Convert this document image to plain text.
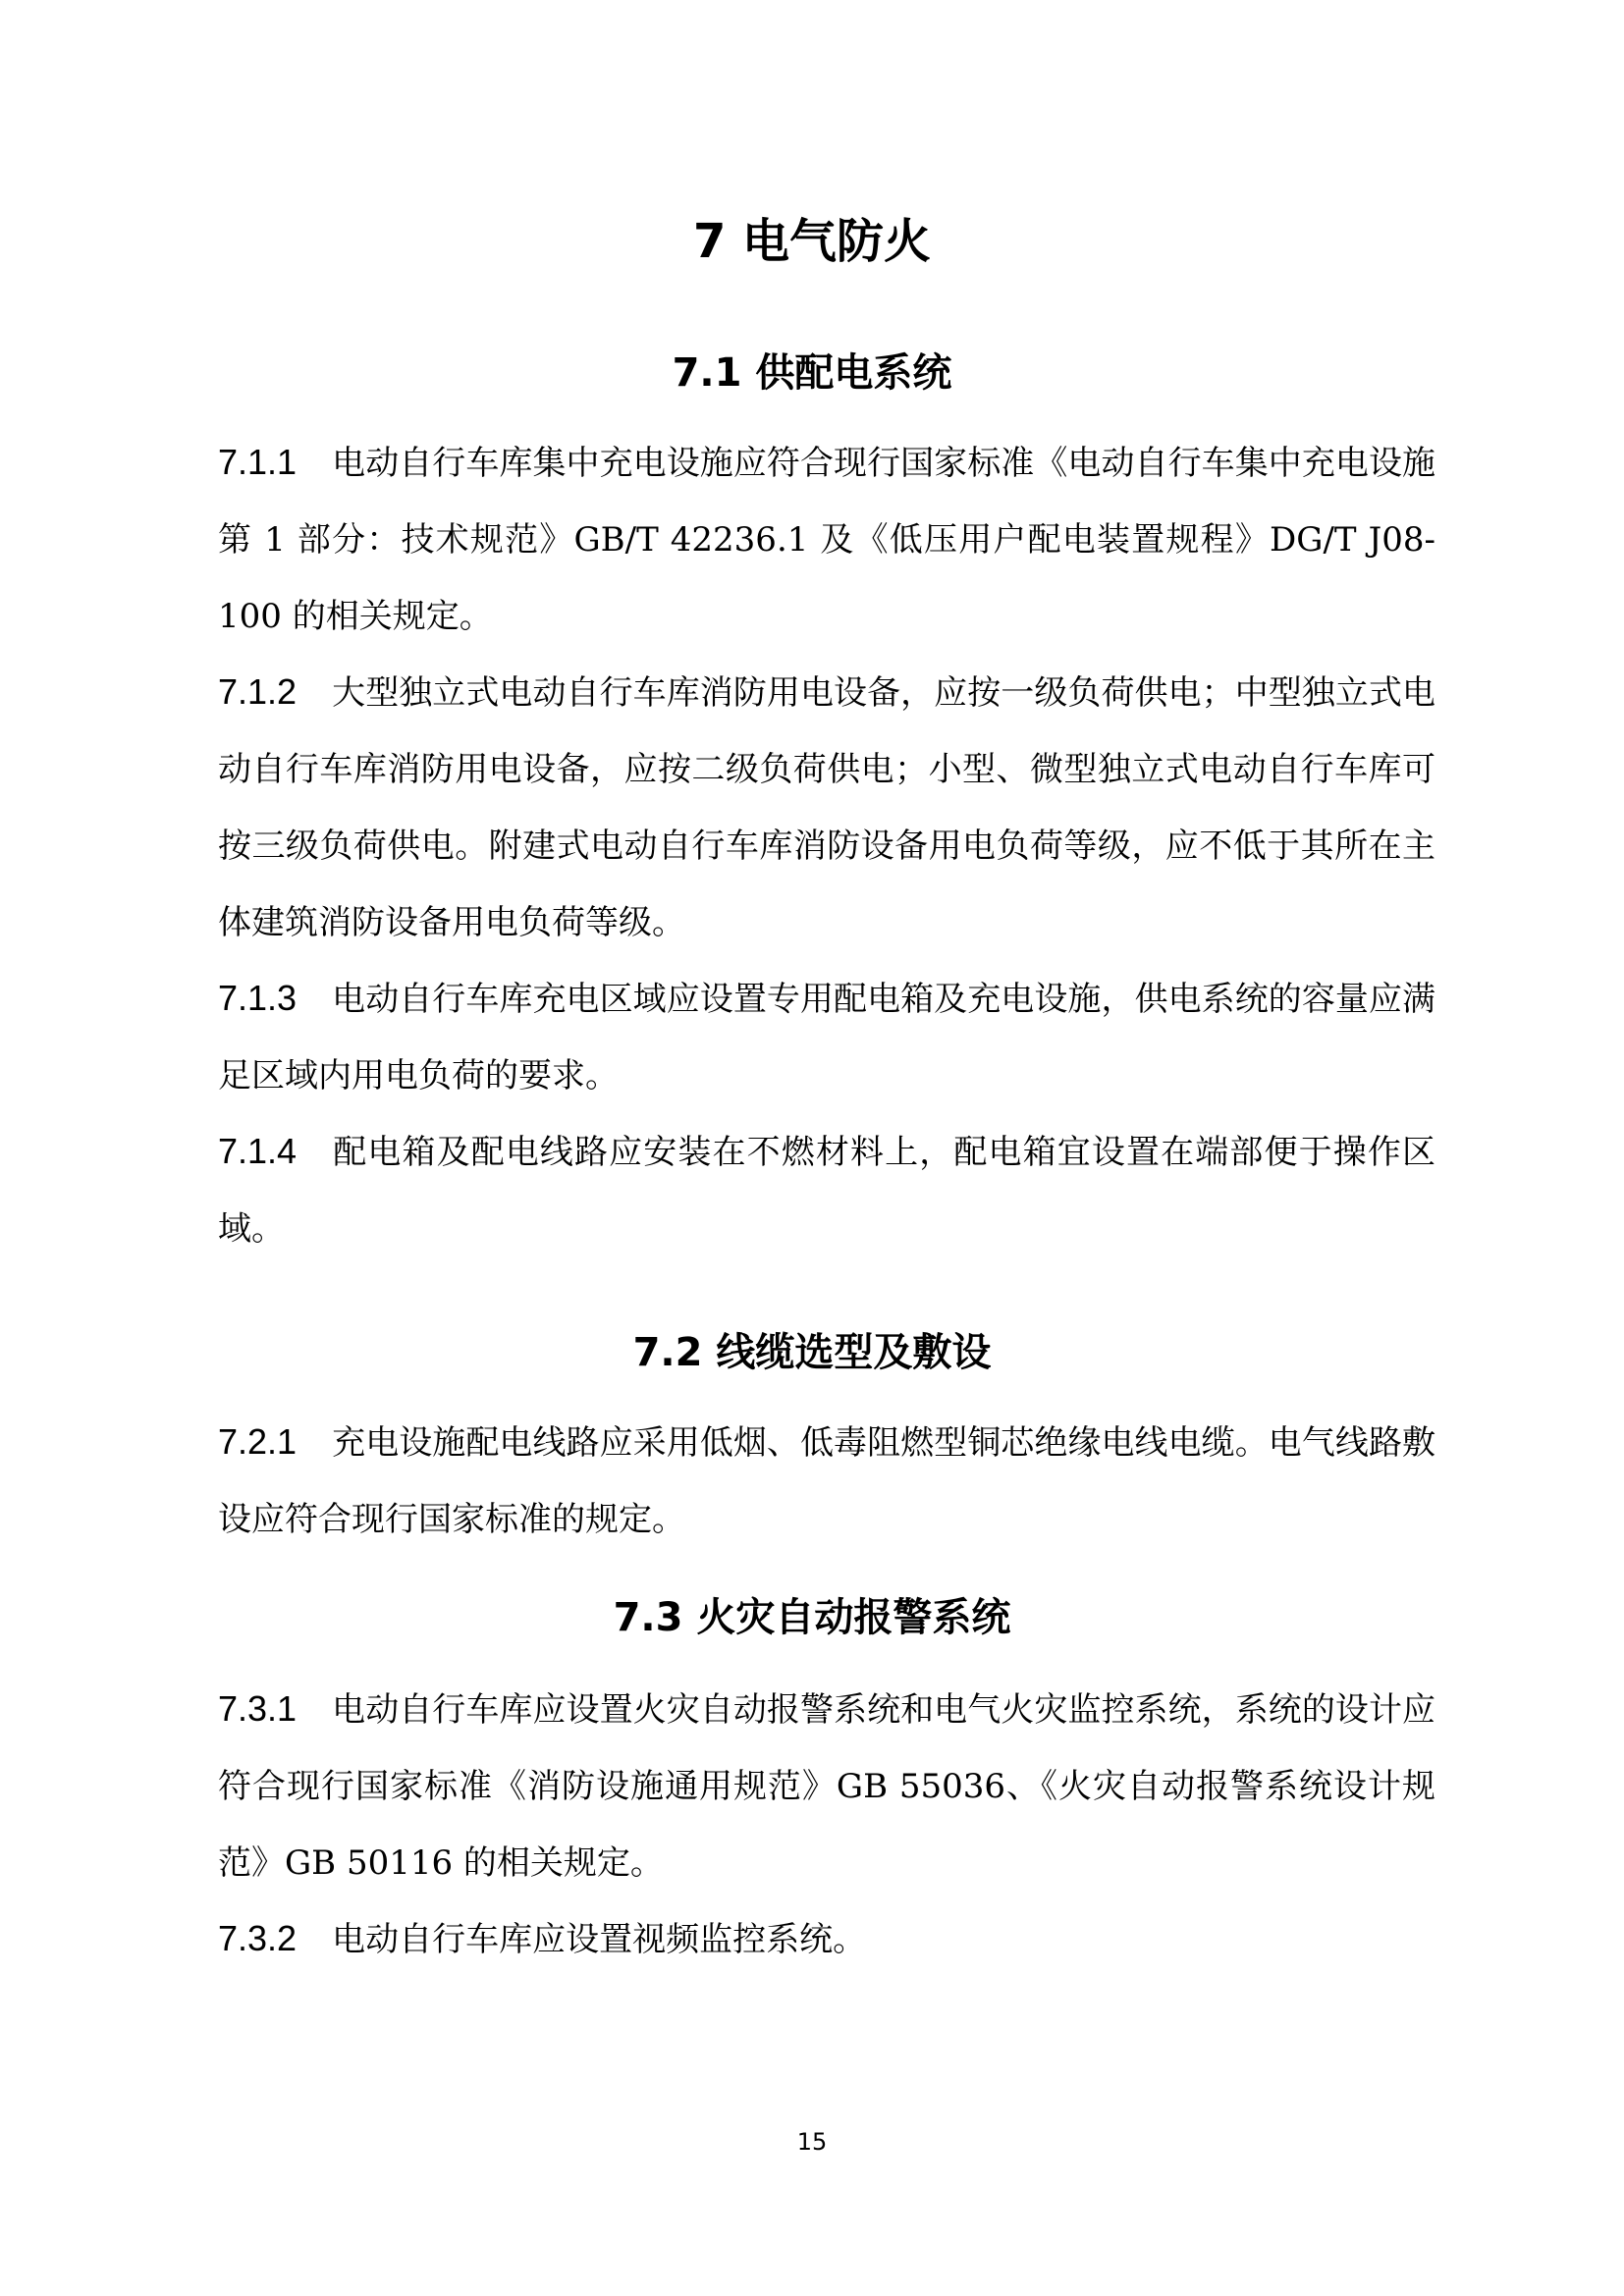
7 电气防火
7.1 供配电系统
7.1.1 电动自行车库集中充电设施应符合现行国家标准《电动自行车集中充电设施第 1 部分：技术规范》GB/T 42236.1 及《低压用户配电装置规程》DG/T J08-100 的相关规定。
7.1.2 大型独立式电动自行车库消防用电设备，应按一级负荷供电；中型独立式电动自行车库消防用电设备，应按二级负荷供电；小型、微型独立式电动自行车库可按三级负荷供电。附建式电动自行车库消防设备用电负荷等级，应不低于其所在主体建筑消防设备用电负荷等级。
7.1.3 电动自行车库充电区域应设置专用配电箱及充电设施，供电系统的容量应满足区域内用电负荷的要求。
7.1.4 配电箱及配电线路应安装在不燃材料上，配电箱宜设置在端部便于操作区域。
7.2 线缆选型及敷设
7.2.1 充电设施配电线路应采用低烟、低毒阻燃型铜芯绝缘电线电缆。电气线路敷设应符合现行国家标准的规定。
7.3 火灾自动报警系统
7.3.1 电动自行车库应设置火灾自动报警系统和电气火灾监控系统，系统的设计应符合现行国家标准《消防设施通用规范》GB 55036、《火灾自动报警系统设计规范》GB 50116 的相关规定。
7.3.2 电动自行车库应设置视频监控系统。
15
